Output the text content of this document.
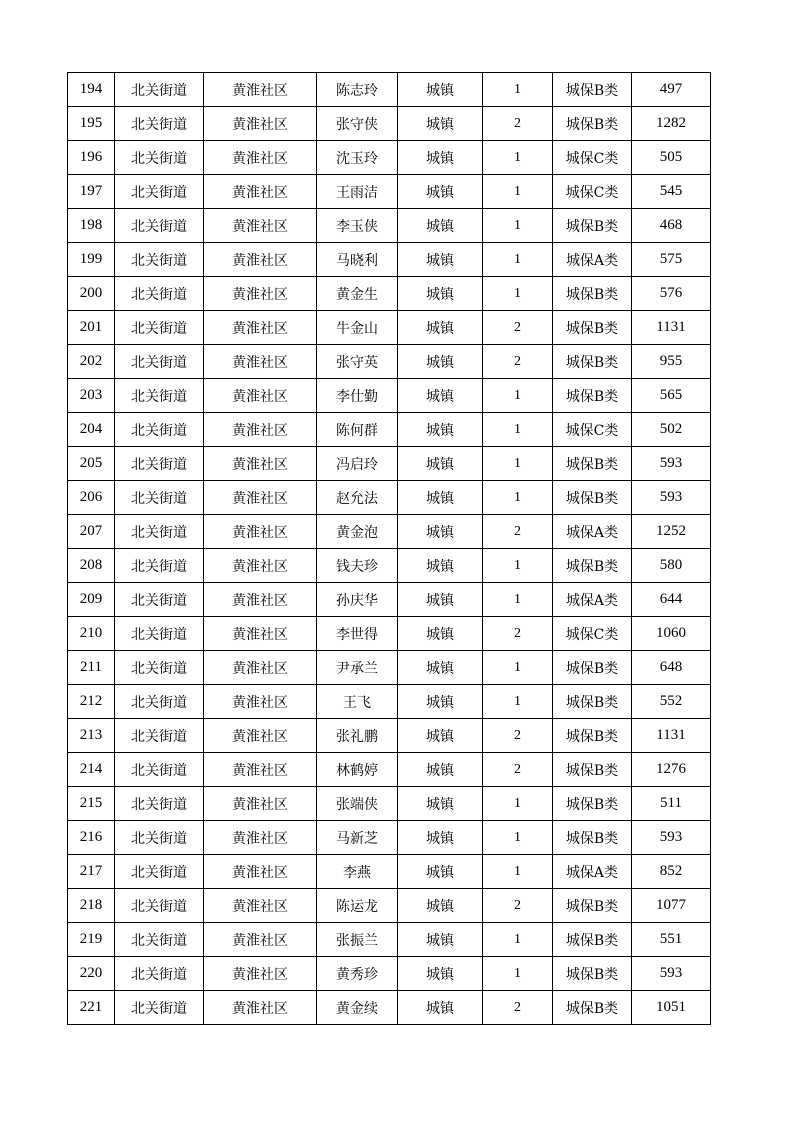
194	北关街道	黄淮社区	陈志玲	城镇	1	城保B类	497
195	北关街道	黄淮社区	张守侠	城镇	2	城保B类	1282
196	北关街道	黄淮社区	沈玉玲	城镇	1	城保C类	505
197	北关街道	黄淮社区	王雨洁	城镇	1	城保C类	545
198	北关街道	黄淮社区	李玉侠	城镇	1	城保B类	468
199	北关街道	黄淮社区	马晓利	城镇	1	城保A类	575
200	北关街道	黄淮社区	黄金生	城镇	1	城保B类	576
201	北关街道	黄淮社区	牛金山	城镇	2	城保B类	1131
202	北关街道	黄淮社区	张守英	城镇	2	城保B类	955
203	北关街道	黄淮社区	李仕勤	城镇	1	城保B类	565
204	北关街道	黄淮社区	陈何群	城镇	1	城保C类	502
205	北关街道	黄淮社区	冯启玲	城镇	1	城保B类	593
206	北关街道	黄淮社区	赵允法	城镇	1	城保B类	593
207	北关街道	黄淮社区	黄金泡	城镇	2	城保A类	1252
208	北关街道	黄淮社区	钱夫珍	城镇	1	城保B类	580
209	北关街道	黄淮社区	孙庆华	城镇	1	城保A类	644
210	北关街道	黄淮社区	李世得	城镇	2	城保C类	1060
211	北关街道	黄淮社区	尹承兰	城镇	1	城保B类	648
212	北关街道	黄淮社区	王飞	城镇	1	城保B类	552
213	北关街道	黄淮社区	张礼鹏	城镇	2	城保B类	1131
214	北关街道	黄淮社区	林鹤婷	城镇	2	城保B类	1276
215	北关街道	黄淮社区	张端侠	城镇	1	城保B类	511
216	北关街道	黄淮社区	马新芝	城镇	1	城保B类	593
217	北关街道	黄淮社区	李燕	城镇	1	城保A类	852
218	北关街道	黄淮社区	陈运龙	城镇	2	城保B类	1077
219	北关街道	黄淮社区	张振兰	城镇	1	城保B类	551
220	北关街道	黄淮社区	黄秀珍	城镇	1	城保B类	593
221	北关街道	黄淮社区	黄金续	城镇	2	城保B类	1051
